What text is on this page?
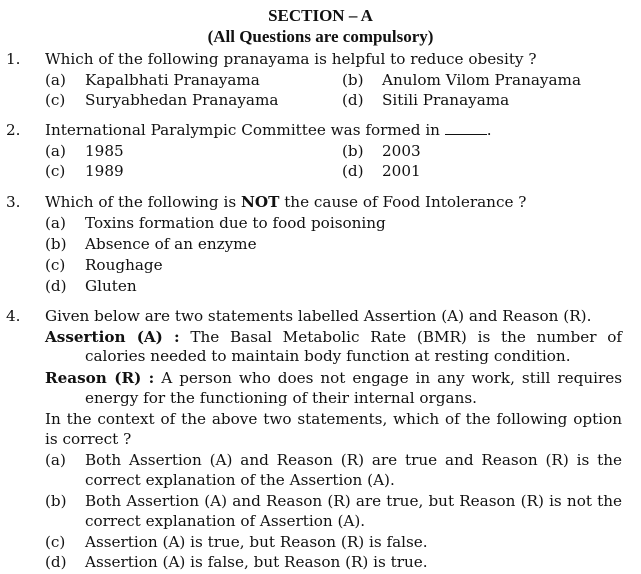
SECTION – A
(All Questions are compulsory)
1. Which of the following pranayama is helpful to reduce obesity ?
(a) Kapalbhati Pranayama	(b) Anulom Vilom Pranayama
(c) Suryabhedan Pranayama	(d) Sitili Pranayama
2. International Paralympic Committee was formed in	.
(a) 1985	(b) 2003
(c) 1989	(d) 2001
3. Which of the following is NOT the cause of Food Intolerance ?
(a) Toxins formation due to food poisoning
(b) Absence of an enzyme
(c) Roughage
(d) Gluten
4. Given below are two statements labelled Assertion (A) and Reason (R).
Assertion (A) : The Basal Metabolic Rate (BMR) is the number of
calories needed to maintain body function at resting condition.
Reason (R) : A person who does not engage in any work, still requires
energy for the functioning of their internal organs.
In the context of the above two statements, which of the following option
is correct ?
(a) Both Assertion (A) and Reason (R) are true and Reason (R) is the
correct explanation of the Assertion (A).
(b) Both Assertion (A) and Reason (R) are true, but Reason (R) is not the
correct explanation of Assertion (A).
(c) Assertion (A) is true, but Reason (R) is false.
(d) Assertion (A) is false, but Reason (R) is true.
